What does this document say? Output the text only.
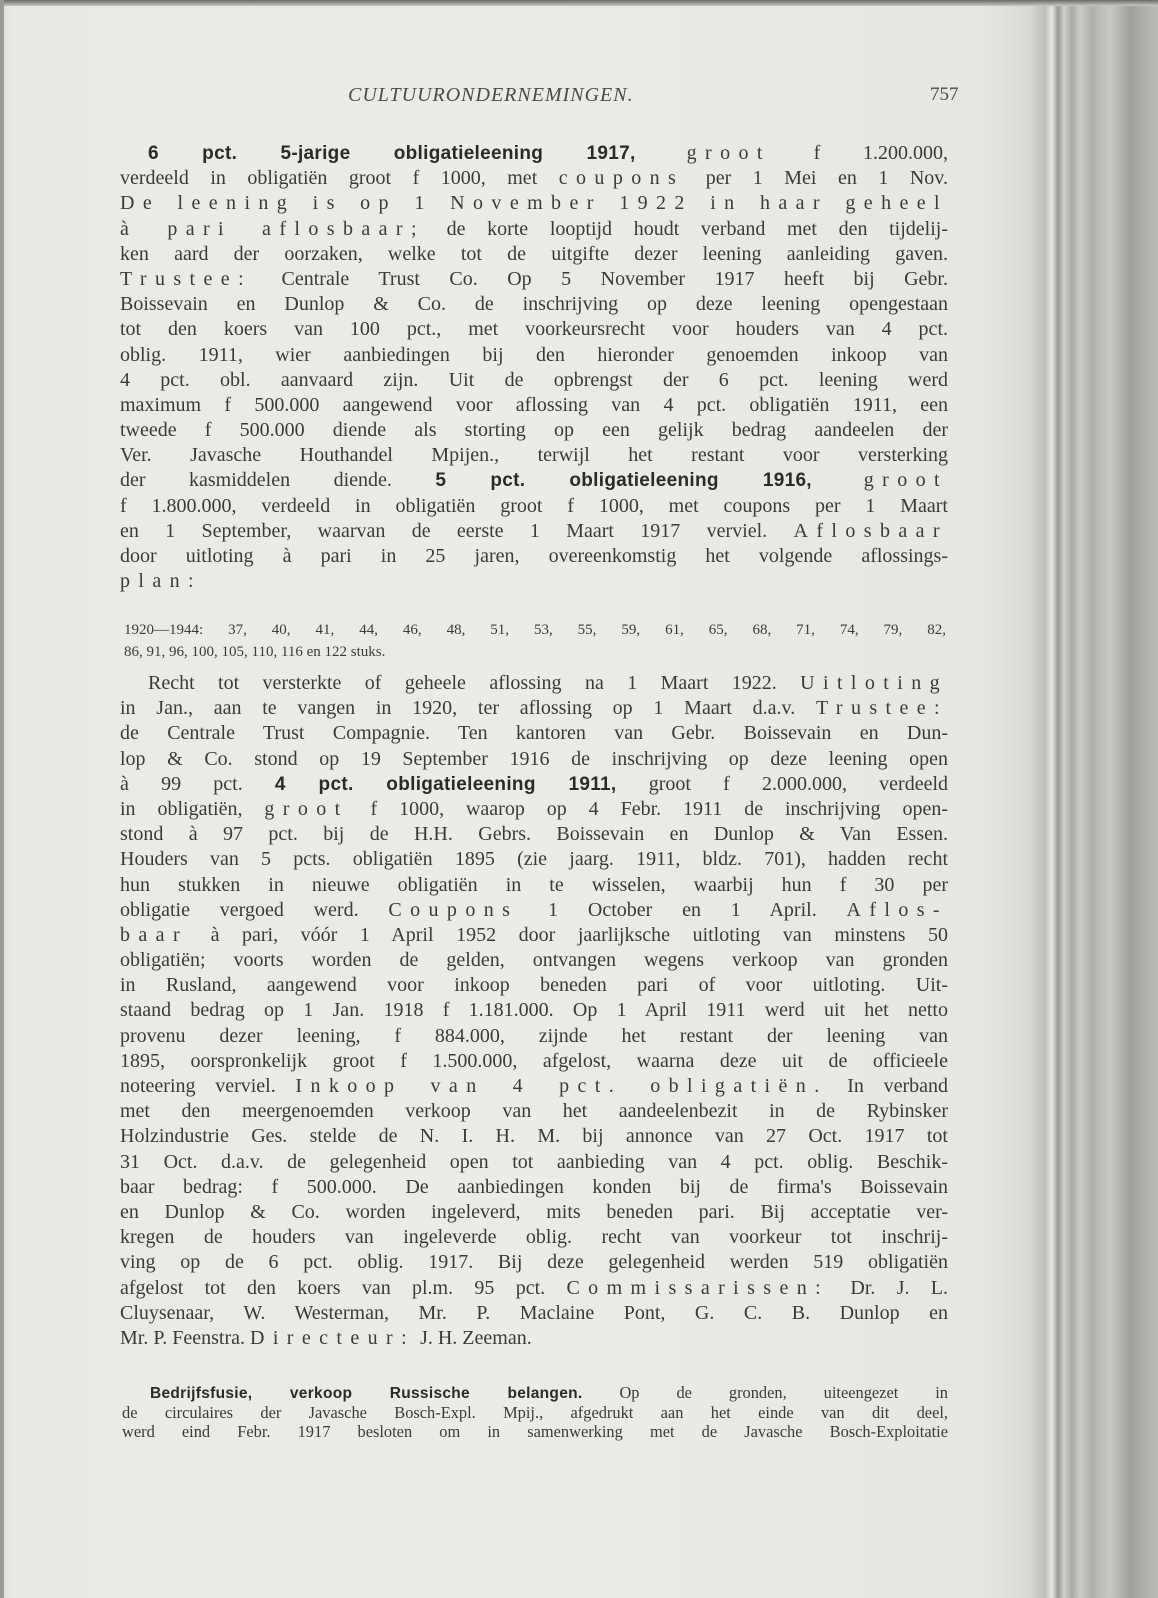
CULTUURONDERNEMINGEN.	757
6 pct. 5-jarige obligatieleening 1917, groot f 1.200.000,
verdeeld in obligatiën groot f 1000, met coupons per 1 Mei en 1 Nov.
De leening is op 1 November 1922 in haar geheel
à pari aflosbaar; de korte looptijd houdt verband met den tijdelij-
ken aard der oorzaken, welke tot de uitgifte dezer leening aanleiding gaven.
Trustee: Centrale Trust Co. Op 5 November 1917 heeft bij Gebr.
Boissevain en Dunlop & Co. de inschrijving op deze leening opengestaan
tot den koers van 100 pct., met voorkeursrecht voor houders van 4 pct.
oblig. 1911, wier aanbiedingen bij den hieronder genoemden inkoop van
4 pct. obl. aanvaard zijn. Uit de opbrengst der 6 pct. leening werd
maximum f 500.000 aangewend voor aflossing van 4 pct. obligatiën 1911, een
tweede f 500.000 diende als storting op een gelijk bedrag aandeelen der
Ver. Javasche Houthandel Mpijen., terwijl het restant voor versterking
der kasmiddelen diende. 5 pct. obligatieleening 1916, groot
f 1.800.000, verdeeld in obligatiën groot f 1000, met coupons per 1 Maart
en 1 September, waarvan de eerste 1 Maart 1917 verviel. Aflosbaar
door uitloting à pari in 25 jaren, overeenkomstig het volgende aflossings-
plan:
1920—1944: 37, 40, 41, 44, 46, 48, 51, 53, 55, 59, 61, 65, 68, 71, 74, 79, 82,
86, 91, 96, 100, 105, 110, 116 en 122 stuks.
Recht tot versterkte of geheele aflossing na 1 Maart 1922. Uitloting
in Jan., aan te vangen in 1920, ter aflossing op 1 Maart d.a.v. Trustee:
de Centrale Trust Compagnie. Ten kantoren van Gebr. Boissevain en Dun-
lop & Co. stond op 19 September 1916 de inschrijving op deze leening open
à 99 pct. 4 pct. obligatieleening 1911, groot f 2.000.000, verdeeld
in obligatiën, groot f 1000, waarop op 4 Febr. 1911 de inschrijving open-
stond à 97 pct. bij de H.H. Gebrs. Boissevain en Dunlop & Van Essen.
Houders van 5 pcts. obligatiën 1895 (zie jaarg. 1911, bldz. 701), hadden recht
hun stukken in nieuwe obligatiën in te wisselen, waarbij hun f 30 per
obligatie vergoed werd. Coupons 1 October en 1 April. Aflos-
baar à pari, vóór 1 April 1952 door jaarlijksche uitloting van minstens 50
obligatiën; voorts worden de gelden, ontvangen wegens verkoop van gronden
in Rusland, aangewend voor inkoop beneden pari of voor uitloting. Uit-
staand bedrag op 1 Jan. 1918 f 1.181.000. Op 1 April 1911 werd uit het netto
provenu dezer leening, f 884.000, zijnde het restant der leening van
1895, oorspronkelijk groot f 1.500.000, afgelost, waarna deze uit de officieele
noteering verviel. Inkoop van 4 pct. obligatiën. In verband
met den meergenoemden verkoop van het aandeelenbezit in de Rybinsker
Holzindustrie Ges. stelde de N. I. H. M. bij annonce van 27 Oct. 1917 tot
31 Oct. d.a.v. de gelegenheid open tot aanbieding van 4 pct. oblig. Beschik-
baar bedrag: f 500.000. De aanbiedingen konden bij de firma's Boissevain
en Dunlop & Co. worden ingeleverd, mits beneden pari. Bij acceptatie ver-
kregen de houders van ingeleverde oblig. recht van voorkeur tot inschrij-
ving op de 6 pct. oblig. 1917. Bij deze gelegenheid werden 519 obligatiën
afgelost tot den koers van pl.m. 95 pct. Commissarissen: Dr. J. L.
Cluysenaar, W. Westerman, Mr. P. Maclaine Pont, G. C. B. Dunlop en
Mr. P. Feenstra. Directeur: J. H. Zeeman.
Bedrijfsfusie, verkoop Russische belangen. Op de gronden, uiteengezet in
de circulaires der Javasche Bosch-Expl. Mpij., afgedrukt aan het einde van dit deel,
werd eind Febr. 1917 besloten om in samenwerking met de Javasche Bosch-Exploitatie
